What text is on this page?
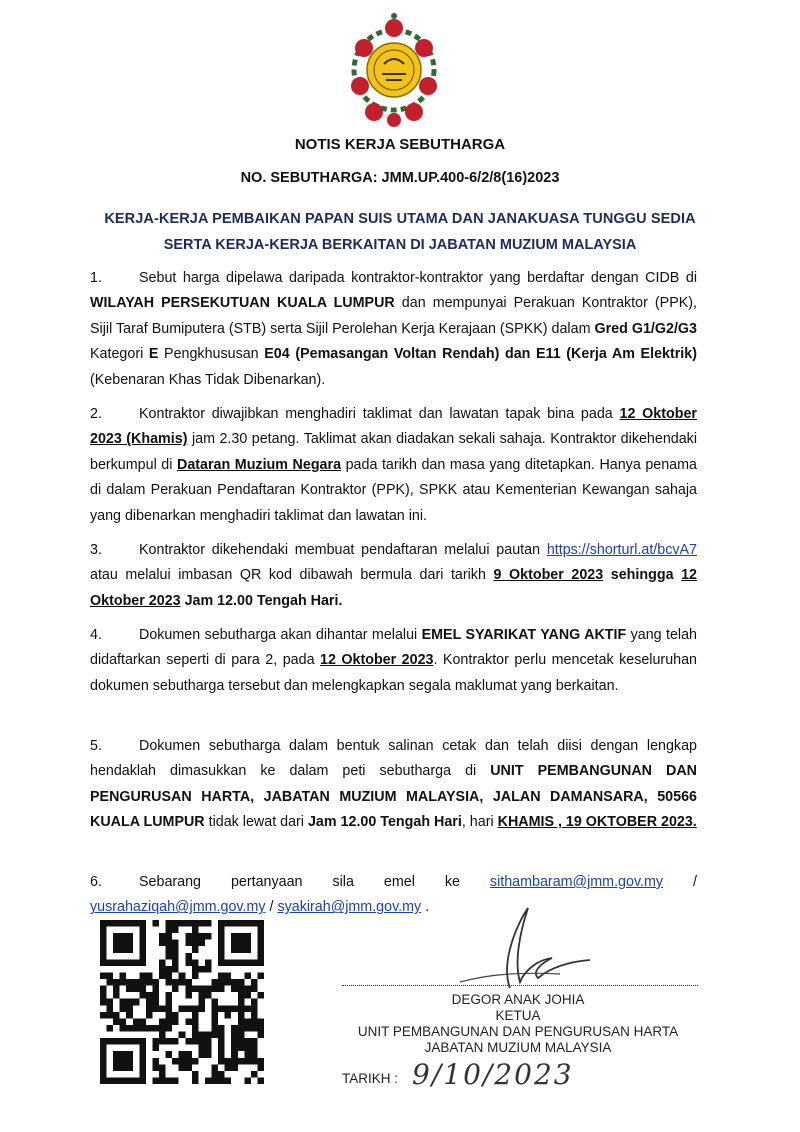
NOTIS KERJA SEBUTHARGA
NO. SEBUTHARGA: JMM.UP.400-6/2/8(16)2023
KERJA-KERJA PEMBAIKAN PAPAN SUIS UTAMA DAN JANAKUASA TUNGGU SEDIA
SERTA KERJA-KERJA BERKAITAN DI JABATAN MUZIUM MALAYSIA
1.	Sebut harga dipelawa daripada kontraktor-kontraktor yang berdaftar dengan CIDB di WILAYAH PERSEKUTUAN KUALA LUMPUR dan mempunyai Perakuan Kontraktor (PPK), Sijil Taraf Bumiputera (STB) serta Sijil Perolehan Kerja Kerajaan (SPKK) dalam Gred G1/G2/G3 Kategori E Pengkhususan E04 (Pemasangan Voltan Rendah) dan E11 (Kerja Am Elektrik) (Kebenaran Khas Tidak Dibenarkan).
2.	Kontraktor diwajibkan menghadiri taklimat dan lawatan tapak bina pada 12 Oktober 2023 (Khamis) jam 2.30 petang. Taklimat akan diadakan sekali sahaja. Kontraktor dikehendaki berkumpul di Dataran Muzium Negara pada tarikh dan masa yang ditetapkan. Hanya penama di dalam Perakuan Pendaftaran Kontraktor (PPK), SPKK atau Kementerian Kewangan sahaja yang dibenarkan menghadiri taklimat dan lawatan ini.
3.	Kontraktor dikehendaki membuat pendaftaran melalui pautan https://shorturl.at/bcvA7 atau melalui imbasan QR kod dibawah bermula dari tarikh 9 Oktober 2023 sehingga 12 Oktober 2023 Jam 12.00 Tengah Hari.
4.	Dokumen sebutharga akan dihantar melalui EMEL SYARIKAT YANG AKTIF yang telah didaftarkan seperti di para 2, pada 12 Oktober 2023. Kontraktor perlu mencetak keseluruhan dokumen sebutharga tersebut dan melengkapkan segala maklumat yang berkaitan.
5.	Dokumen sebutharga dalam bentuk salinan cetak dan telah diisi dengan lengkap hendaklah dimasukkan ke dalam peti sebutharga di UNIT PEMBANGUNAN DAN PENGURUSAN HARTA, JABATAN MUZIUM MALAYSIA, JALAN DAMANSARA, 50566 KUALA LUMPUR tidak lewat dari Jam 12.00 Tengah Hari, hari KHAMIS , 19 OKTOBER 2023.
6.	Sebarang pertanyaan sila emel ke sithambaram@jmm.gov.my / yusrahaziqah@jmm.gov.my / syakirah@jmm.gov.my .
DEGOR ANAK JOHIA
KETUA
UNIT PEMBANGUNAN DAN PENGURUSAN HARTA
JABATAN MUZIUM MALAYSIA
TARIKH : 9/10/2023
